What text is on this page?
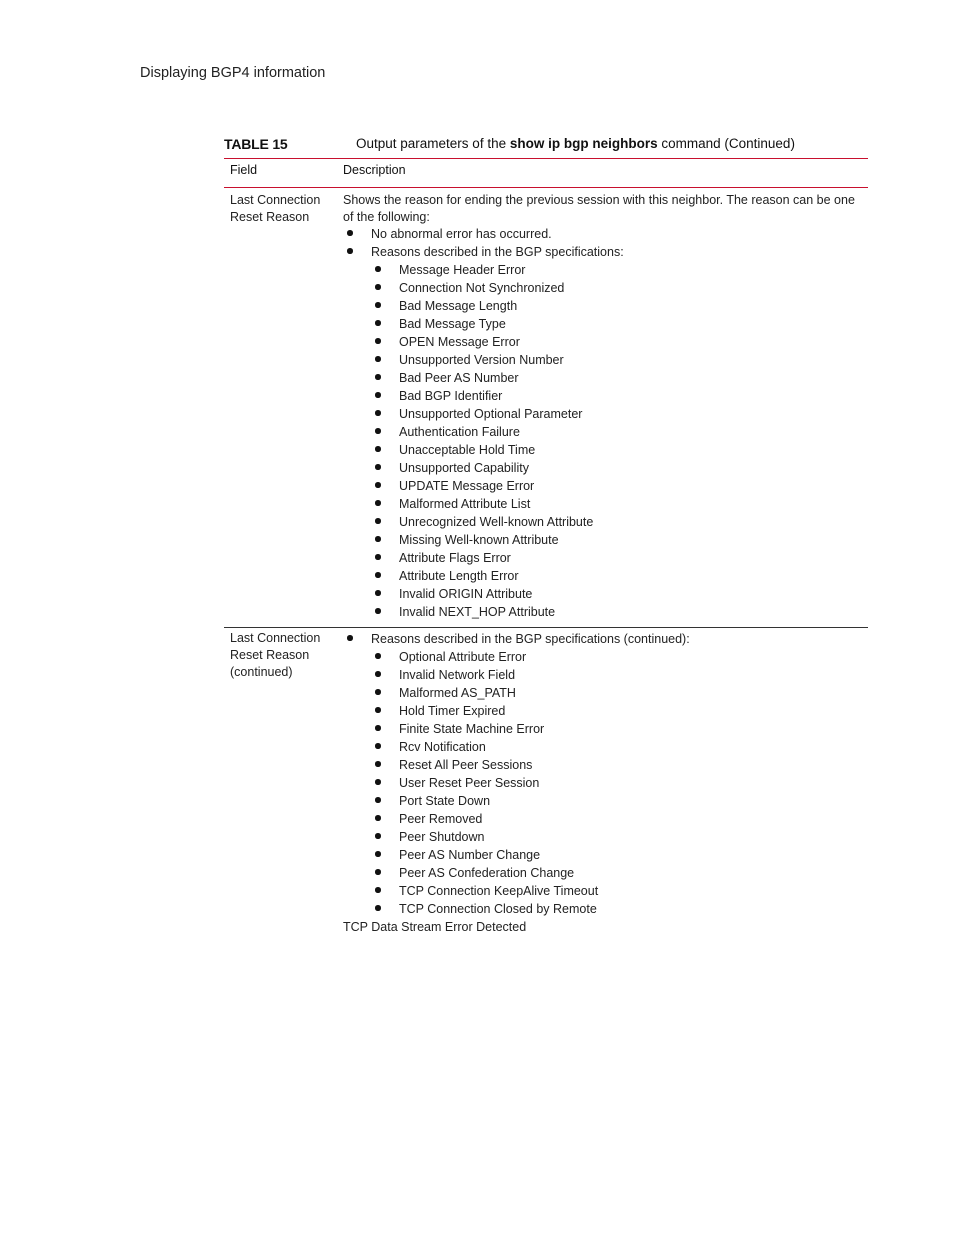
Displaying BGP4 information
TABLE 15	Output parameters of the show ip bgp neighbors command (Continued)
Field	Description
Last Connection
Reset Reason
Shows the reason for ending the previous session with this neighbor. The reason can be one of the following:
No abnormal error has occurred.
Reasons described in the BGP specifications:
Message Header Error
Connection Not Synchronized
Bad Message Length
Bad Message Type
OPEN Message Error
Unsupported Version Number
Bad Peer AS Number
Bad BGP Identifier
Unsupported Optional Parameter
Authentication Failure
Unacceptable Hold Time
Unsupported Capability
UPDATE Message Error
Malformed Attribute List
Unrecognized Well-known Attribute
Missing Well-known Attribute
Attribute Flags Error
Attribute Length Error
Invalid ORIGIN Attribute
Invalid NEXT_HOP Attribute
Last Connection
Reset Reason
(continued)
Reasons described in the BGP specifications (continued):
Optional Attribute Error
Invalid Network Field
Malformed AS_PATH
Hold Timer Expired
Finite State Machine Error
Rcv Notification
Reset All Peer Sessions
User Reset Peer Session
Port State Down
Peer Removed
Peer Shutdown
Peer AS Number Change
Peer AS Confederation Change
TCP Connection KeepAlive Timeout
TCP Connection Closed by Remote
TCP Data Stream Error Detected
